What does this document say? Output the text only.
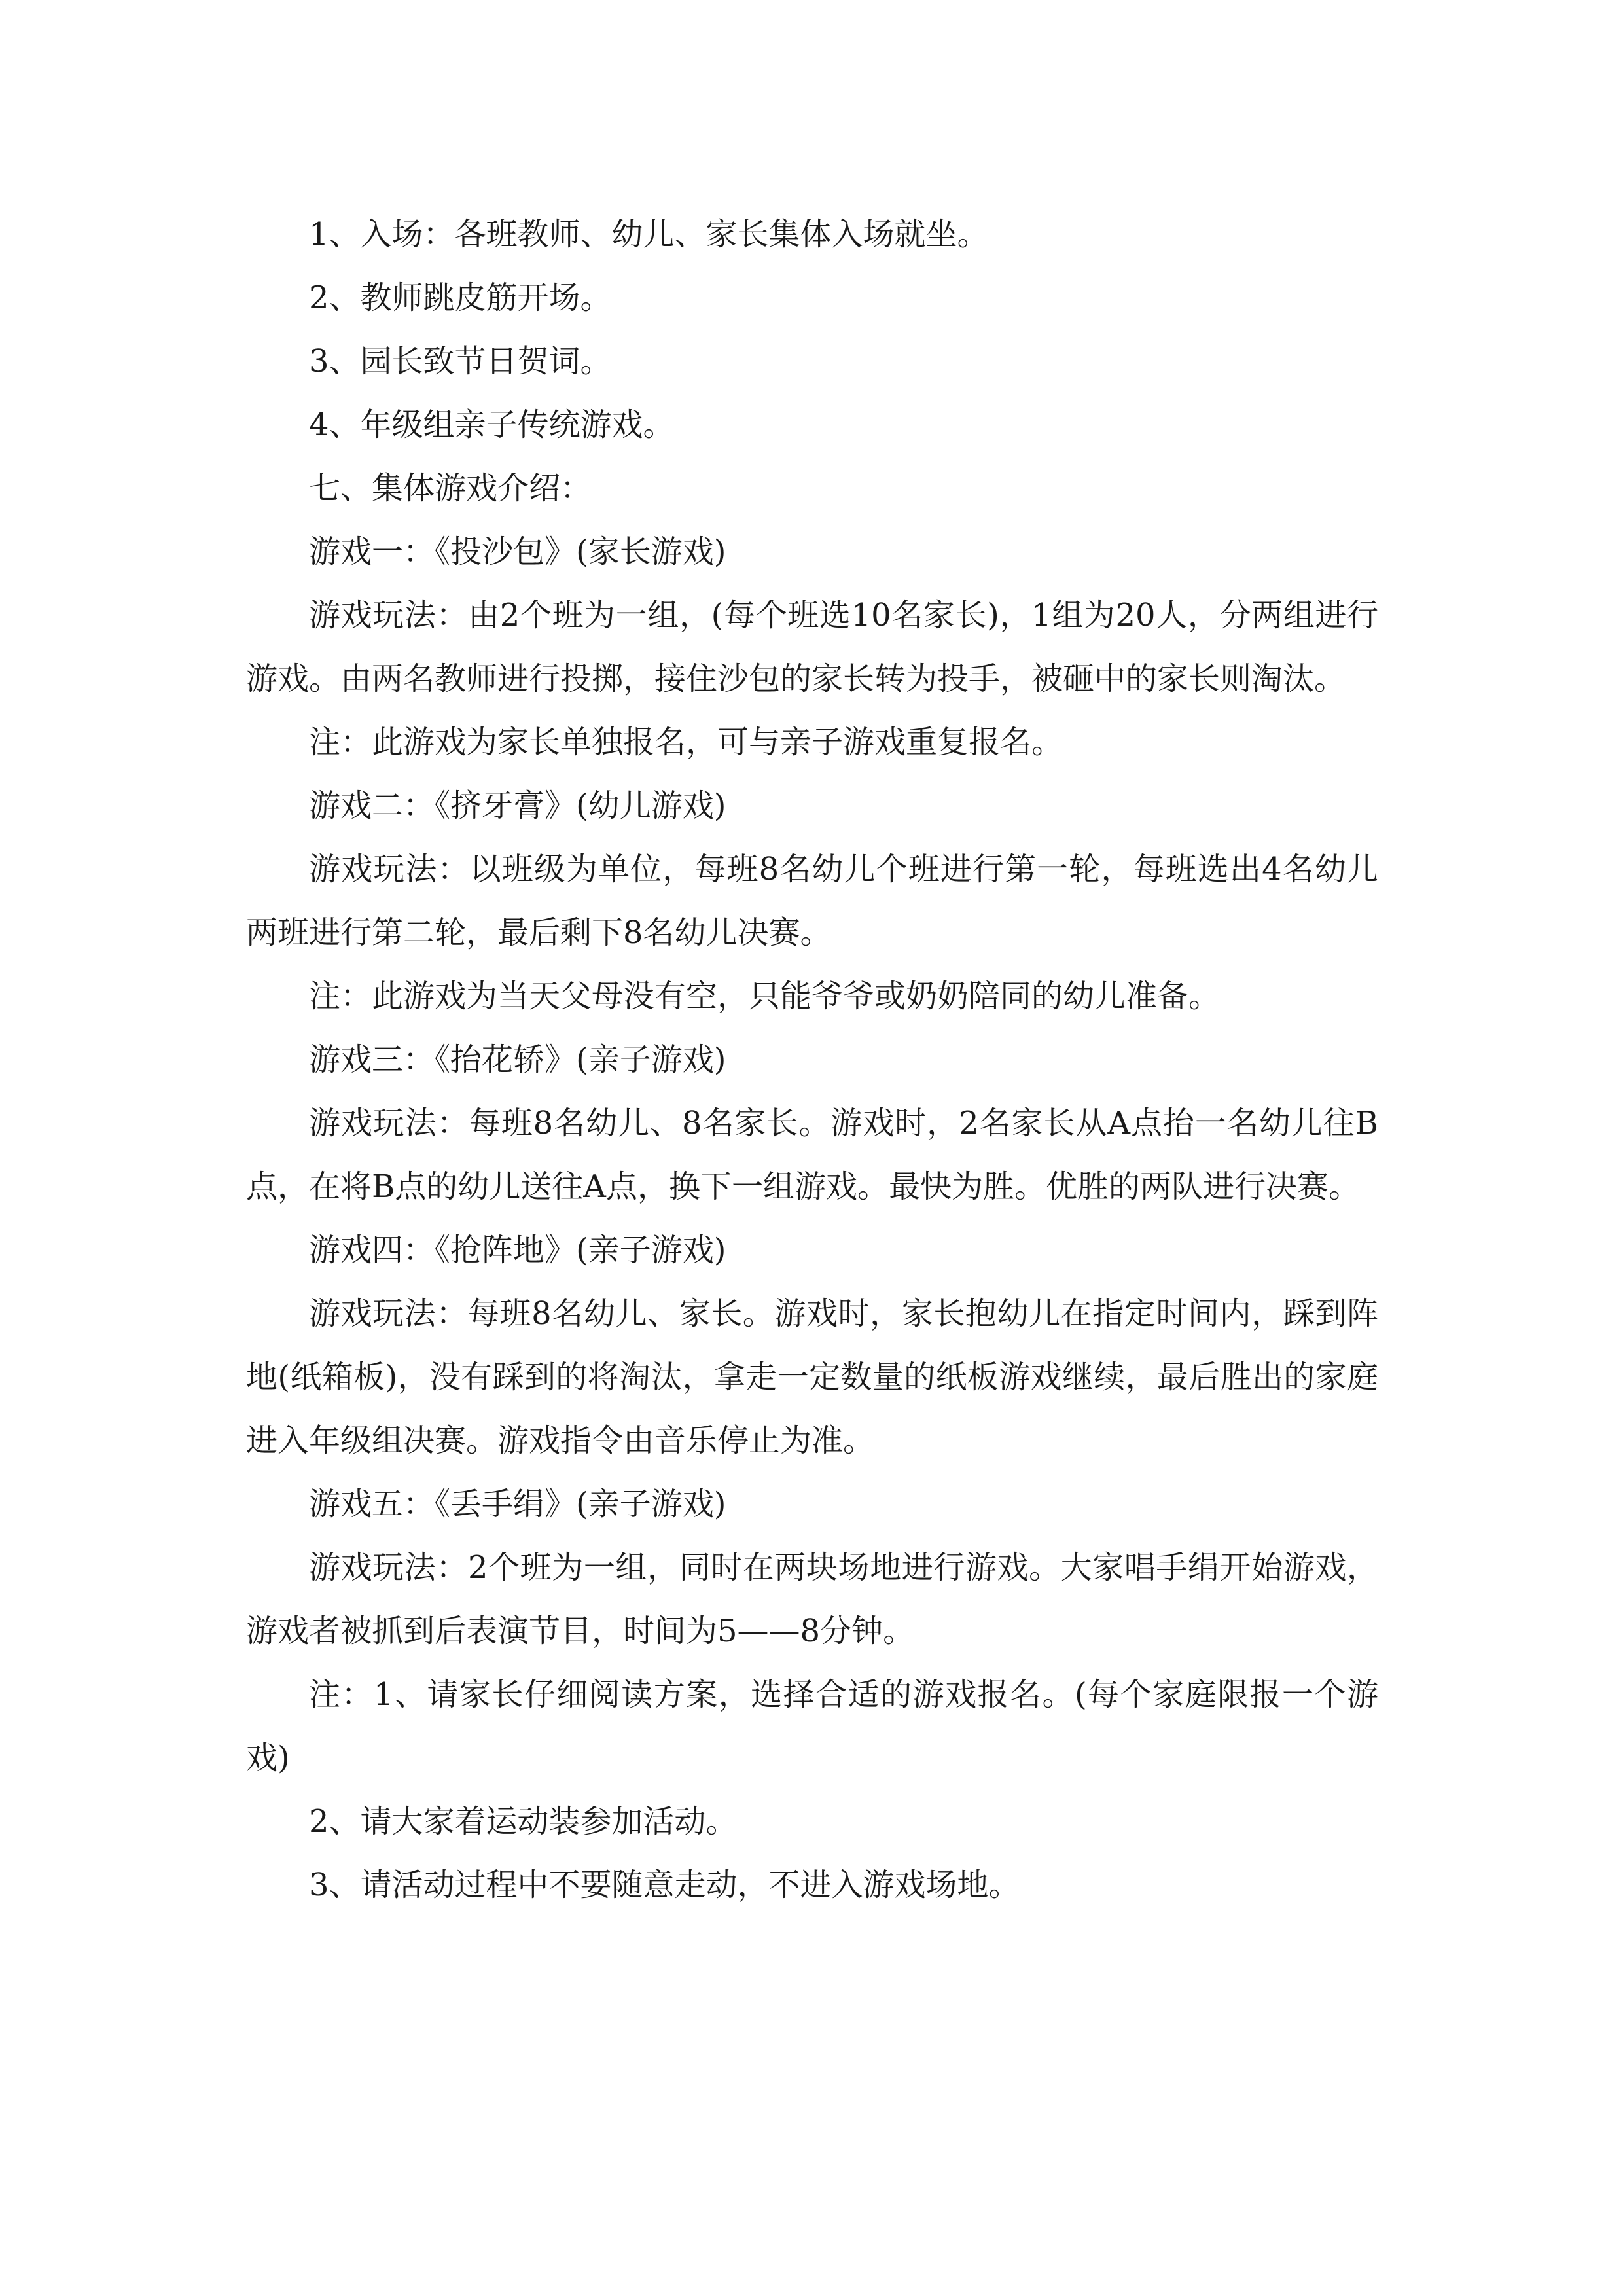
1、入场：各班教师、幼儿、家长集体入场就坐。

2、教师跳皮筋开场。

3、园长致节日贺词。

4、年级组亲子传统游戏。

七、集体游戏介绍：

游戏一：《投沙包》(家长游戏)

游戏玩法：由2个班为一组，(每个班选10名家长)，1组为20人，分两组进行游戏。由两名教师进行投掷，接住沙包的家长转为投手，被砸中的家长则淘汰。

注：此游戏为家长单独报名，可与亲子游戏重复报名。

游戏二：《挤牙膏》(幼儿游戏)

游戏玩法：以班级为单位，每班8名幼儿个班进行第一轮，每班选出4名幼儿两班进行第二轮，最后剩下8名幼儿决赛。

注：此游戏为当天父母没有空，只能爷爷或奶奶陪同的幼儿准备。

游戏三：《抬花轿》(亲子游戏)

游戏玩法：每班8名幼儿、8名家长。游戏时，2名家长从A点抬一名幼儿往B点，在将B点的幼儿送往A点，换下一组游戏。最快为胜。优胜的两队进行决赛。

游戏四：《抢阵地》(亲子游戏)

游戏玩法：每班8名幼儿、家长。游戏时，家长抱幼儿在指定时间内，踩到阵地(纸箱板)，没有踩到的将淘汰，拿走一定数量的纸板游戏继续，最后胜出的家庭进入年级组决赛。游戏指令由音乐停止为准。

游戏五：《丢手绢》(亲子游戏)

游戏玩法：2个班为一组，同时在两块场地进行游戏。大家唱手绢开始游戏，游戏者被抓到后表演节目，时间为5——8分钟。

注：1、请家长仔细阅读方案，选择合适的游戏报名。(每个家庭限报一个游戏)

2、请大家着运动装参加活动。

3、请活动过程中不要随意走动，不进入游戏场地。
